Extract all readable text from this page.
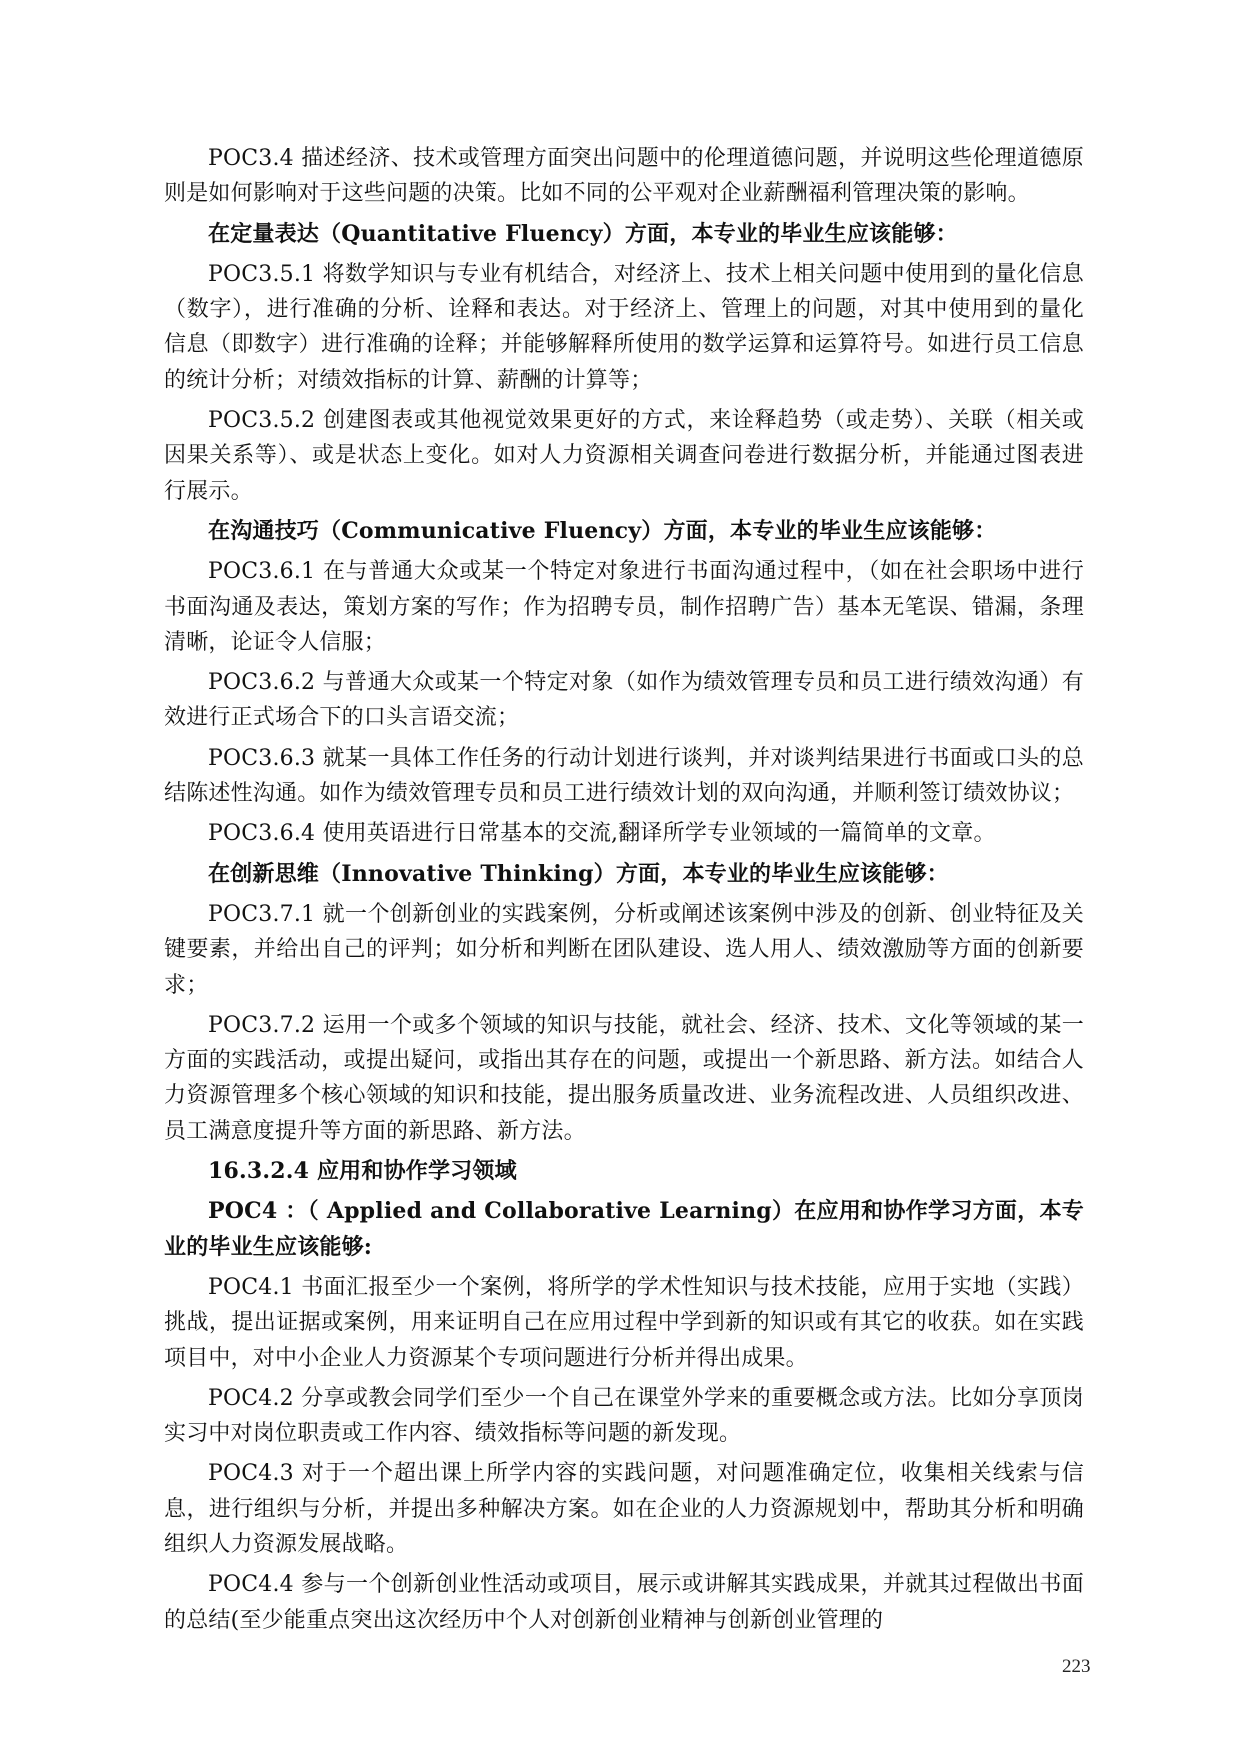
POC3.4 描述经济、技术或管理方面突出问题中的伦理道德问题，并说明这些伦理道德原则是如何影响对于这些问题的决策。比如不同的公平观对企业薪酬福利管理决策的影响。

在定量表达（Quantitative Fluency）方面，本专业的毕业生应该能够：

POC3.5.1 将数学知识与专业有机结合，对经济上、技术上相关问题中使用到的量化信息（数字），进行准确的分析、诠释和表达。对于经济上、管理上的问题，对其中使用到的量化信息（即数字）进行准确的诠释；并能够解释所使用的数学运算和运算符号。如进行员工信息的统计分析；对绩效指标的计算、薪酬的计算等；

POC3.5.2 创建图表或其他视觉效果更好的方式，来诠释趋势（或走势）、关联（相关或因果关系等）、或是状态上变化。如对人力资源相关调查问卷进行数据分析，并能通过图表进行展示。

在沟通技巧（Communicative Fluency）方面，本专业的毕业生应该能够：

POC3.6.1 在与普通大众或某一个特定对象进行书面沟通过程中，（如在社会职场中进行书面沟通及表达，策划方案的写作；作为招聘专员，制作招聘广告）基本无笔误、错漏，条理清晰，论证令人信服；

POC3.6.2 与普通大众或某一个特定对象（如作为绩效管理专员和员工进行绩效沟通）有效进行正式场合下的口头言语交流；

POC3.6.3 就某一具体工作任务的行动计划进行谈判，并对谈判结果进行书面或口头的总结陈述性沟通。如作为绩效管理专员和员工进行绩效计划的双向沟通，并顺利签订绩效协议；

POC3.6.4 使用英语进行日常基本的交流,翻译所学专业领域的一篇简单的文章。

在创新思维（Innovative Thinking）方面，本专业的毕业生应该能够：

POC3.7.1 就一个创新创业的实践案例，分析或阐述该案例中涉及的创新、创业特征及关键要素，并给出自己的评判；如分析和判断在团队建设、选人用人、绩效激励等方面的创新要求；

POC3.7.2 运用一个或多个领域的知识与技能，就社会、经济、技术、文化等领域的某一方面的实践活动，或提出疑问，或指出其存在的问题，或提出一个新思路、新方法。如结合人力资源管理多个核心领域的知识和技能，提出服务质量改进、业务流程改进、人员组织改进、员工满意度提升等方面的新思路、新方法。

16.3.2.4 应用和协作学习领域

POC4 ：（ Applied and Collaborative Learning）在应用和协作学习方面，本专业的毕业生应该能够:

POC4.1 书面汇报至少一个案例，将所学的学术性知识与技术技能，应用于实地（实践）挑战，提出证据或案例，用来证明自己在应用过程中学到新的知识或有其它的收获。如在实践项目中，对中小企业人力资源某个专项问题进行分析并得出成果。

POC4.2 分享或教会同学们至少一个自己在课堂外学来的重要概念或方法。比如分享顶岗实习中对岗位职责或工作内容、绩效指标等问题的新发现。

POC4.3 对于一个超出课上所学内容的实践问题，对问题准确定位，收集相关线索与信息，进行组织与分析，并提出多种解决方案。如在企业的人力资源规划中，帮助其分析和明确组织人力资源发展战略。

POC4.4 参与一个创新创业性活动或项目，展示或讲解其实践成果，并就其过程做出书面的总结(至少能重点突出这次经历中个人对创新创业精神与创新创业管理的

223
